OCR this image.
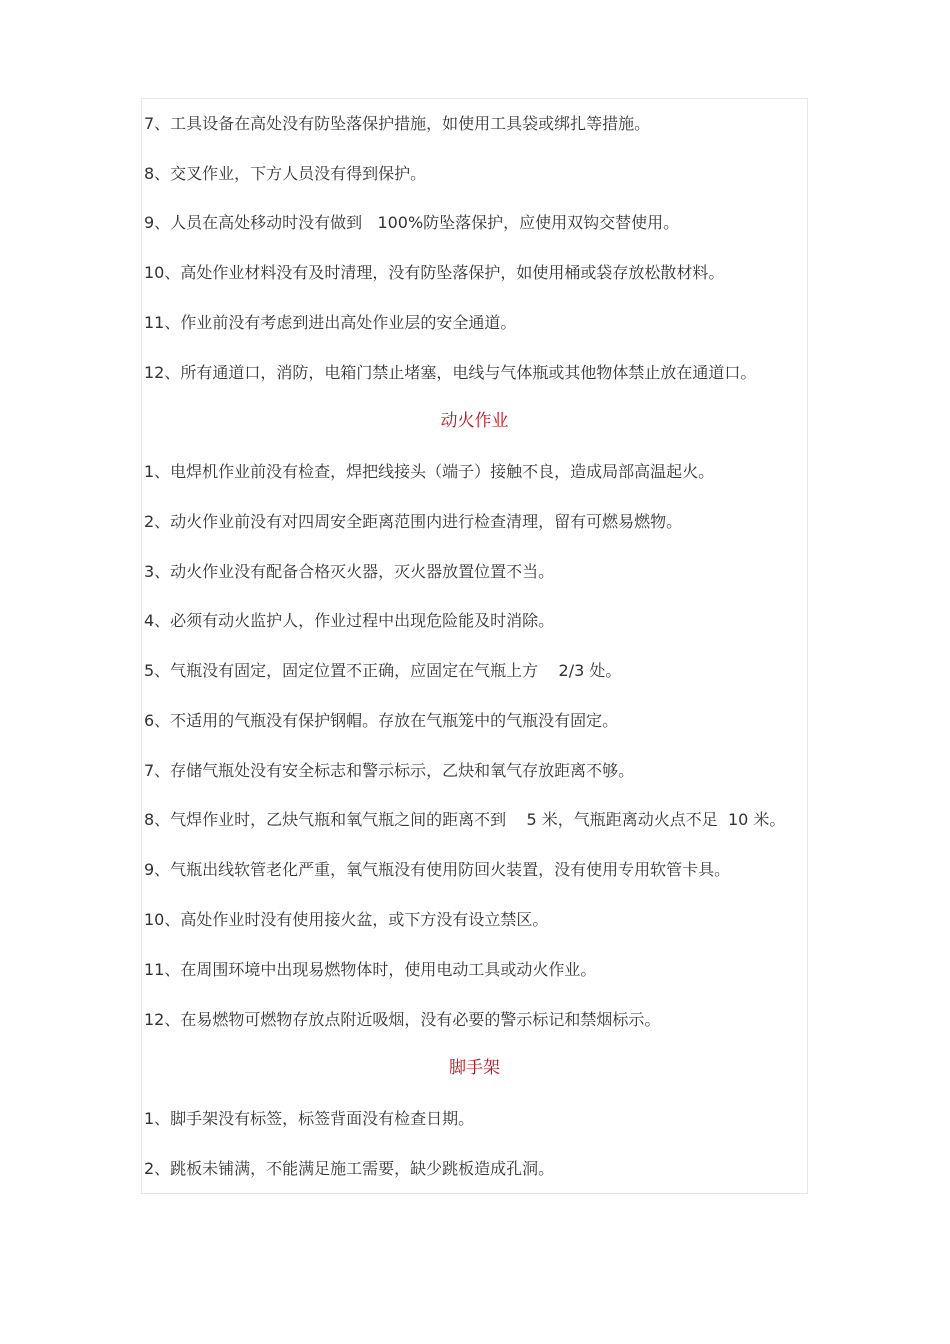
7、工具设备在高处没有防坠落保护措施，如使用工具袋或绑扎等措施。
8、交叉作业，下方人员没有得到保护。
9、人员在高处移动时没有做到   100%防坠落保护，应使用双钩交替使用。
10、高处作业材料没有及时清理，没有防坠落保护，如使用桶或袋存放松散材料。
11、作业前没有考虑到进出高处作业层的安全通道。
12、所有通道口，消防，电箱门禁止堵塞，电线与气体瓶或其他物体禁止放在通道口。
动火作业
1、电焊机作业前没有检查，焊把线接头（端子）接触不良，造成局部高温起火。
2、动火作业前没有对四周安全距离范围内进行检查清理，留有可燃易燃物。
3、动火作业没有配备合格灭火器，灭火器放置位置不当。
4、必须有动火监护人，作业过程中出现危险能及时消除。
5、气瓶没有固定，固定位置不正确，应固定在气瓶上方    2/3 处。
6、不适用的气瓶没有保护钢帽。存放在气瓶笼中的气瓶没有固定。
7、存储气瓶处没有安全标志和警示标示，乙炔和氧气存放距离不够。
8、气焊作业时，乙炔气瓶和氧气瓶之间的距离不到    5 米，气瓶距离动火点不足  10 米。
9、气瓶出线软管老化严重，氧气瓶没有使用防回火装置，没有使用专用软管卡具。
10、高处作业时没有使用接火盆，或下方没有设立禁区。
11、在周围环境中出现易燃物体时，使用电动工具或动火作业。
12、在易燃物可燃物存放点附近吸烟，没有必要的警示标记和禁烟标示。
脚手架
1、脚手架没有标签，标签背面没有检查日期。
2、跳板未铺满，不能满足施工需要，缺少跳板造成孔洞。
